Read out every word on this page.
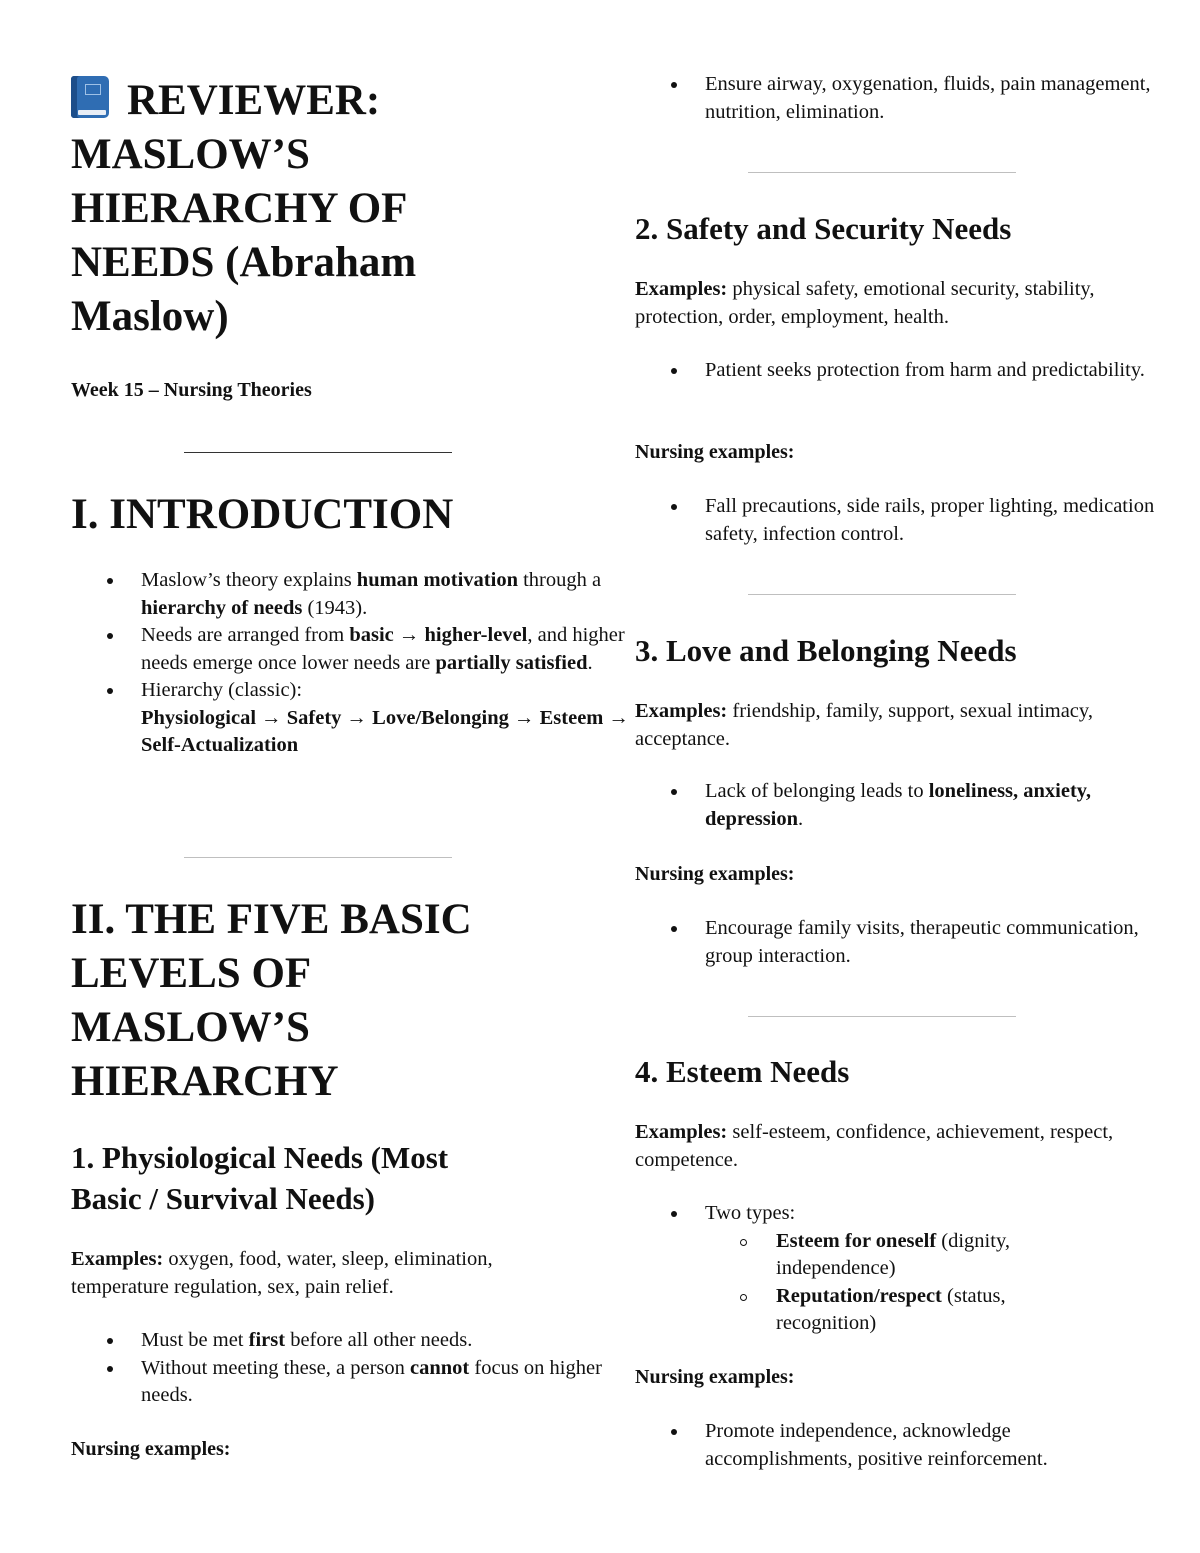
REVIEWER:
MASLOW’S
HIERARCHY OF
NEEDS (Abraham
Maslow)
Week 15 – Nursing Theories
I. INTRODUCTION
Maslow’s theory explains human motivation through a hierarchy of needs (1943).
Needs are arranged from basic → higher-level, and higher needs emerge once lower needs are partially satisfied.
Hierarchy (classic):
Physiological → Safety → Love/Belonging → Esteem → Self-Actualization
II. THE FIVE BASIC
LEVELS OF
MASLOW’S
HIERARCHY
1. Physiological Needs (Most
Basic / Survival Needs)

Examples: oxygen, food, water, sleep, elimination, temperature regulation, sex, pain relief.

Must be met first before all other needs.
Without meeting these, a person cannot focus on higher needs.

Nursing examples:

Ensure airway, oxygenation, fluids, pain management, nutrition, elimination.
2. Safety and Security Needs

Examples: physical safety, emotional security, stability, protection, order, employment, health.

Patient seeks protection from harm and predictability.

Nursing examples:

Fall precautions, side rails, proper lighting, medication safety, infection control.
3. Love and Belonging Needs

Examples: friendship, family, support, sexual intimacy, acceptance.

Lack of belonging leads to loneliness, anxiety, depression.

Nursing examples:

Encourage family visits, therapeutic communication, group interaction.
4. Esteem Needs

Examples: self-esteem, confidence, achievement, respect, competence.

Two types:
Esteem for oneself (dignity, independence)
Reputation/respect (status, recognition)

Nursing examples:

Promote independence, acknowledge accomplishments, positive reinforcement.
